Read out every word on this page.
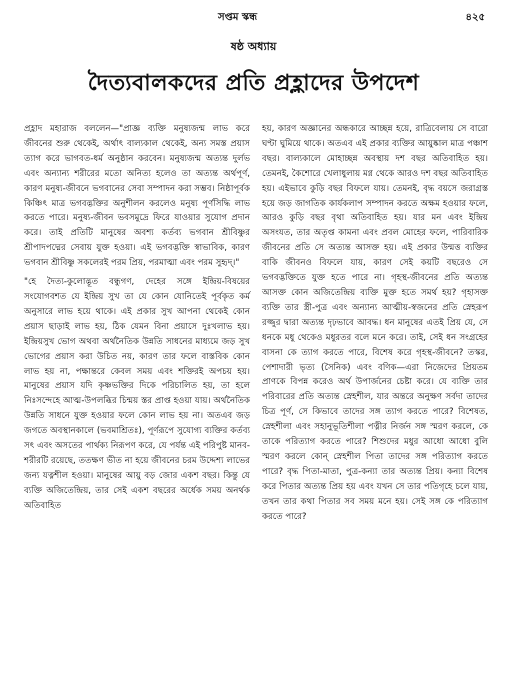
সপ্তম স্কন্ধ	৪২৫
ষষ্ঠ অধ্যায়
দৈত্যবালকদের প্রতি প্রহ্লাদের উপদেশ

প্রহ্লাদ মহারাজ বললেন—"প্রাজ্ঞ ব্যক্তি মনুষ্যজন্ম লাভ করে জীবনের শুরু থেকেই, অর্থাৎ বাল্যকাল থেকেই, অন্য সমস্ত প্রয়াস ত্যাগ করে ভাগবত-ধর্ম অনুষ্ঠান করবেন। মনুষ্যজন্ম অত্যন্ত দুর্লভ এবং অন্যান্য শরীরের মতো অনিত্য হলেও তা অত্যন্ত অর্থপূর্ণ, কারণ মনুষ্য-জীবনে ভগবানের সেবা সম্পাদন করা সম্ভব। নিষ্ঠাপূর্বক কিঞ্চিৎ মাত্র ভগবদ্ভক্তির অনুশীলন করলেও মনুষ্য পূর্ণসিদ্ধি লাভ করতে পারে। মনুষ্য-জীবন ভবসমুদ্রে ফিরে যাওয়ার সুযোগ প্রদান করে। তাই প্রতিটি মানুষের অবশ্য কর্তব্য ভগবান শ্রীবিষ্ণুর শ্রীপাদপদ্মের সেবায় যুক্ত হওয়া। এই ভগবদ্ভক্তি স্বাভাবিক, কারণ ভগবান শ্রীবিষ্ণু সকলেরই পরম প্রিয়, পরমাত্মা এবং পরম সুহৃদ্।"

"হে দৈত্য-কুলোদ্ভূত বন্ধুগণ, দেহের সঙ্গে ইন্দ্রিয়-বিষয়ের সংযোগবশত যে ইন্দ্রিয় সুখ তা যে কোন যোনিতেই পূর্বকৃত কর্ম অনুসারে লাভ হয়ে থাকে। এই প্রকার সুখ আপনা থেকেই কোন প্রয়াস ছাড়াই লাভ হয়, ঠিক যেমন বিনা প্রয়াসে দুঃখলাভ হয়। ইন্দ্রিয়সুখ ভোগ অথবা অর্থনৈতিক উন্নতি সাধনের মাধ্যমে জড় সুখ ভোগের প্রয়াস করা উচিত নয়, কারণ তার ফলে বাস্তবিক কোন লাভ হয় না, পক্ষান্তরে কেবল সময় এবং শক্তিরই অপচয় হয়। মানুষের প্রয়াস যদি কৃষ্ণভক্তির দিকে পরিচালিত হয়, তা হলে নিঃসন্দেহে আত্ম-উপলব্ধির চিন্ময় স্তর প্রাপ্ত হওয়া যায়। অর্থনৈতিক উন্নতি সাধনে যুক্ত হওয়ার ফলে কোন লাভ হয় না। অতএব জড় জগতে অবস্থানকালে (ভবমাশ্রিতঃ), পূর্ণরূপে সুযোগ্য ব্যক্তির কর্তব্য সৎ এবং অসতের পার্থক্য নিরূপণ করে, যে পর্যন্ত এই পরিপুষ্ট মানব-শরীরটি রয়েছে, ততক্ষণ ভীত না হয়ে জীবনের চরম উদ্দেশ্য লাভের জন্য যত্নশীল হওয়া। মানুষের আয়ু বড় জোর একশ বছর। কিন্তু যে ব্যক্তি অজিতেন্দ্রিয়, তার সেই একশ বছরের অর্ধেক সময় অনর্থক অতিবাহিত

হয়, কারণ অজ্ঞানের অন্ধকারে আচ্ছন্ন হয়ে, রাত্রিবেলায় সে বারো ঘণ্টা ঘুমিয়ে থাকে। অতএব এই প্রকার ব্যক্তির আয়ুষ্কাল মাত্র পঞ্চাশ বছর। বাল্যকালে মোহাচ্ছন্ন অবস্থায় দশ বছর অতিবাহিত হয়। তেমনই, কৈশোরে খেলাধুলায় মগ্ন থেকে আরও দশ বছর অতিবাহিত হয়। এইভাবে কুড়ি বছর বিফলে যায়। তেমনই, বৃদ্ধ বয়সে জরাগ্রস্ত হয়ে জড় জাগতিক কার্যকলাপ সম্পাদন করতে অক্ষম হওয়ার ফলে, আরও কুড়ি বছর বৃথা অতিবাহিত হয়। যার মন এবং ইন্দ্রিয় অসংযত, তার অতৃপ্ত কামনা এবং প্রবল মোহের ফলে, পারিবারিক জীবনের প্রতি সে অত্যন্ত আসক্ত হয়। এই প্রকার উন্মত্ত ব্যক্তির বাকি জীবনও বিফলে যায়, কারণ সেই কয়টি বছরেও সে ভগবদ্ভক্তিতে যুক্ত হতে পারে না। গৃহস্থ-জীবনের প্রতি অত্যন্ত আসক্ত কোন অজিতেন্দ্রিয় ব্যক্তি মুক্ত হতে সমর্থ হয়? গৃহাসক্ত ব্যক্তি তার স্ত্রী-পুত্র এবং অন্যান্য আত্মীয়-স্বজনের প্রতি স্নেহরূপ রজ্জুর দ্বারা অত্যন্ত দৃঢ়ভাবে আবদ্ধ। ধন মানুষের এতই প্রিয় যে, সে ধনকে মধু থেকেও মধুরতর বলে মনে করে। তাই, সেই ধন সংগ্রহের বাসনা কে ত্যাগ করতে পারে, বিশেষ করে গৃহস্থ-জীবনে? তস্কর, পেশাদারী ভৃত্য (সৈনিক) এবং বণিক—এরা নিজেদের প্রিয়তম প্রাণকে বিপন্ন করেও অর্থ উপার্জনের চেষ্টা করে। যে ব্যক্তি তার পরিবারের প্রতি অত্যন্ত স্নেহশীল, যার অন্তরে অনুক্ষণ সর্বদা তাদের চিত্র পূর্ণ, সে কিভাবে তাদের সঙ্গ ত্যাগ করতে পারে? বিশেষত, স্নেহশীলা এবং সহানুভূতিশীলা পত্নীর নির্জন সঙ্গ স্মরণ করলে, কে তাকে পরিত্যাগ করতে পারে? শিশুদের মধুর আধো আধো বুলি স্মরণ করলে কোন্ স্নেহশীল পিতা তাদের সঙ্গ পরিত্যাগ করতে পারে? বৃদ্ধ পিতা-মাতা, পুত্র-কন্যা তার অত্যন্ত প্রিয়। কন্যা বিশেষ করে পিতার অত্যন্ত প্রিয় হয় এবং যখন সে তার পতিগৃহে চলে যায়, তখন তার কথা পিতার সব সময় মনে হয়। সেই সঙ্গ কে পরিত্যাগ করতে পারে?
